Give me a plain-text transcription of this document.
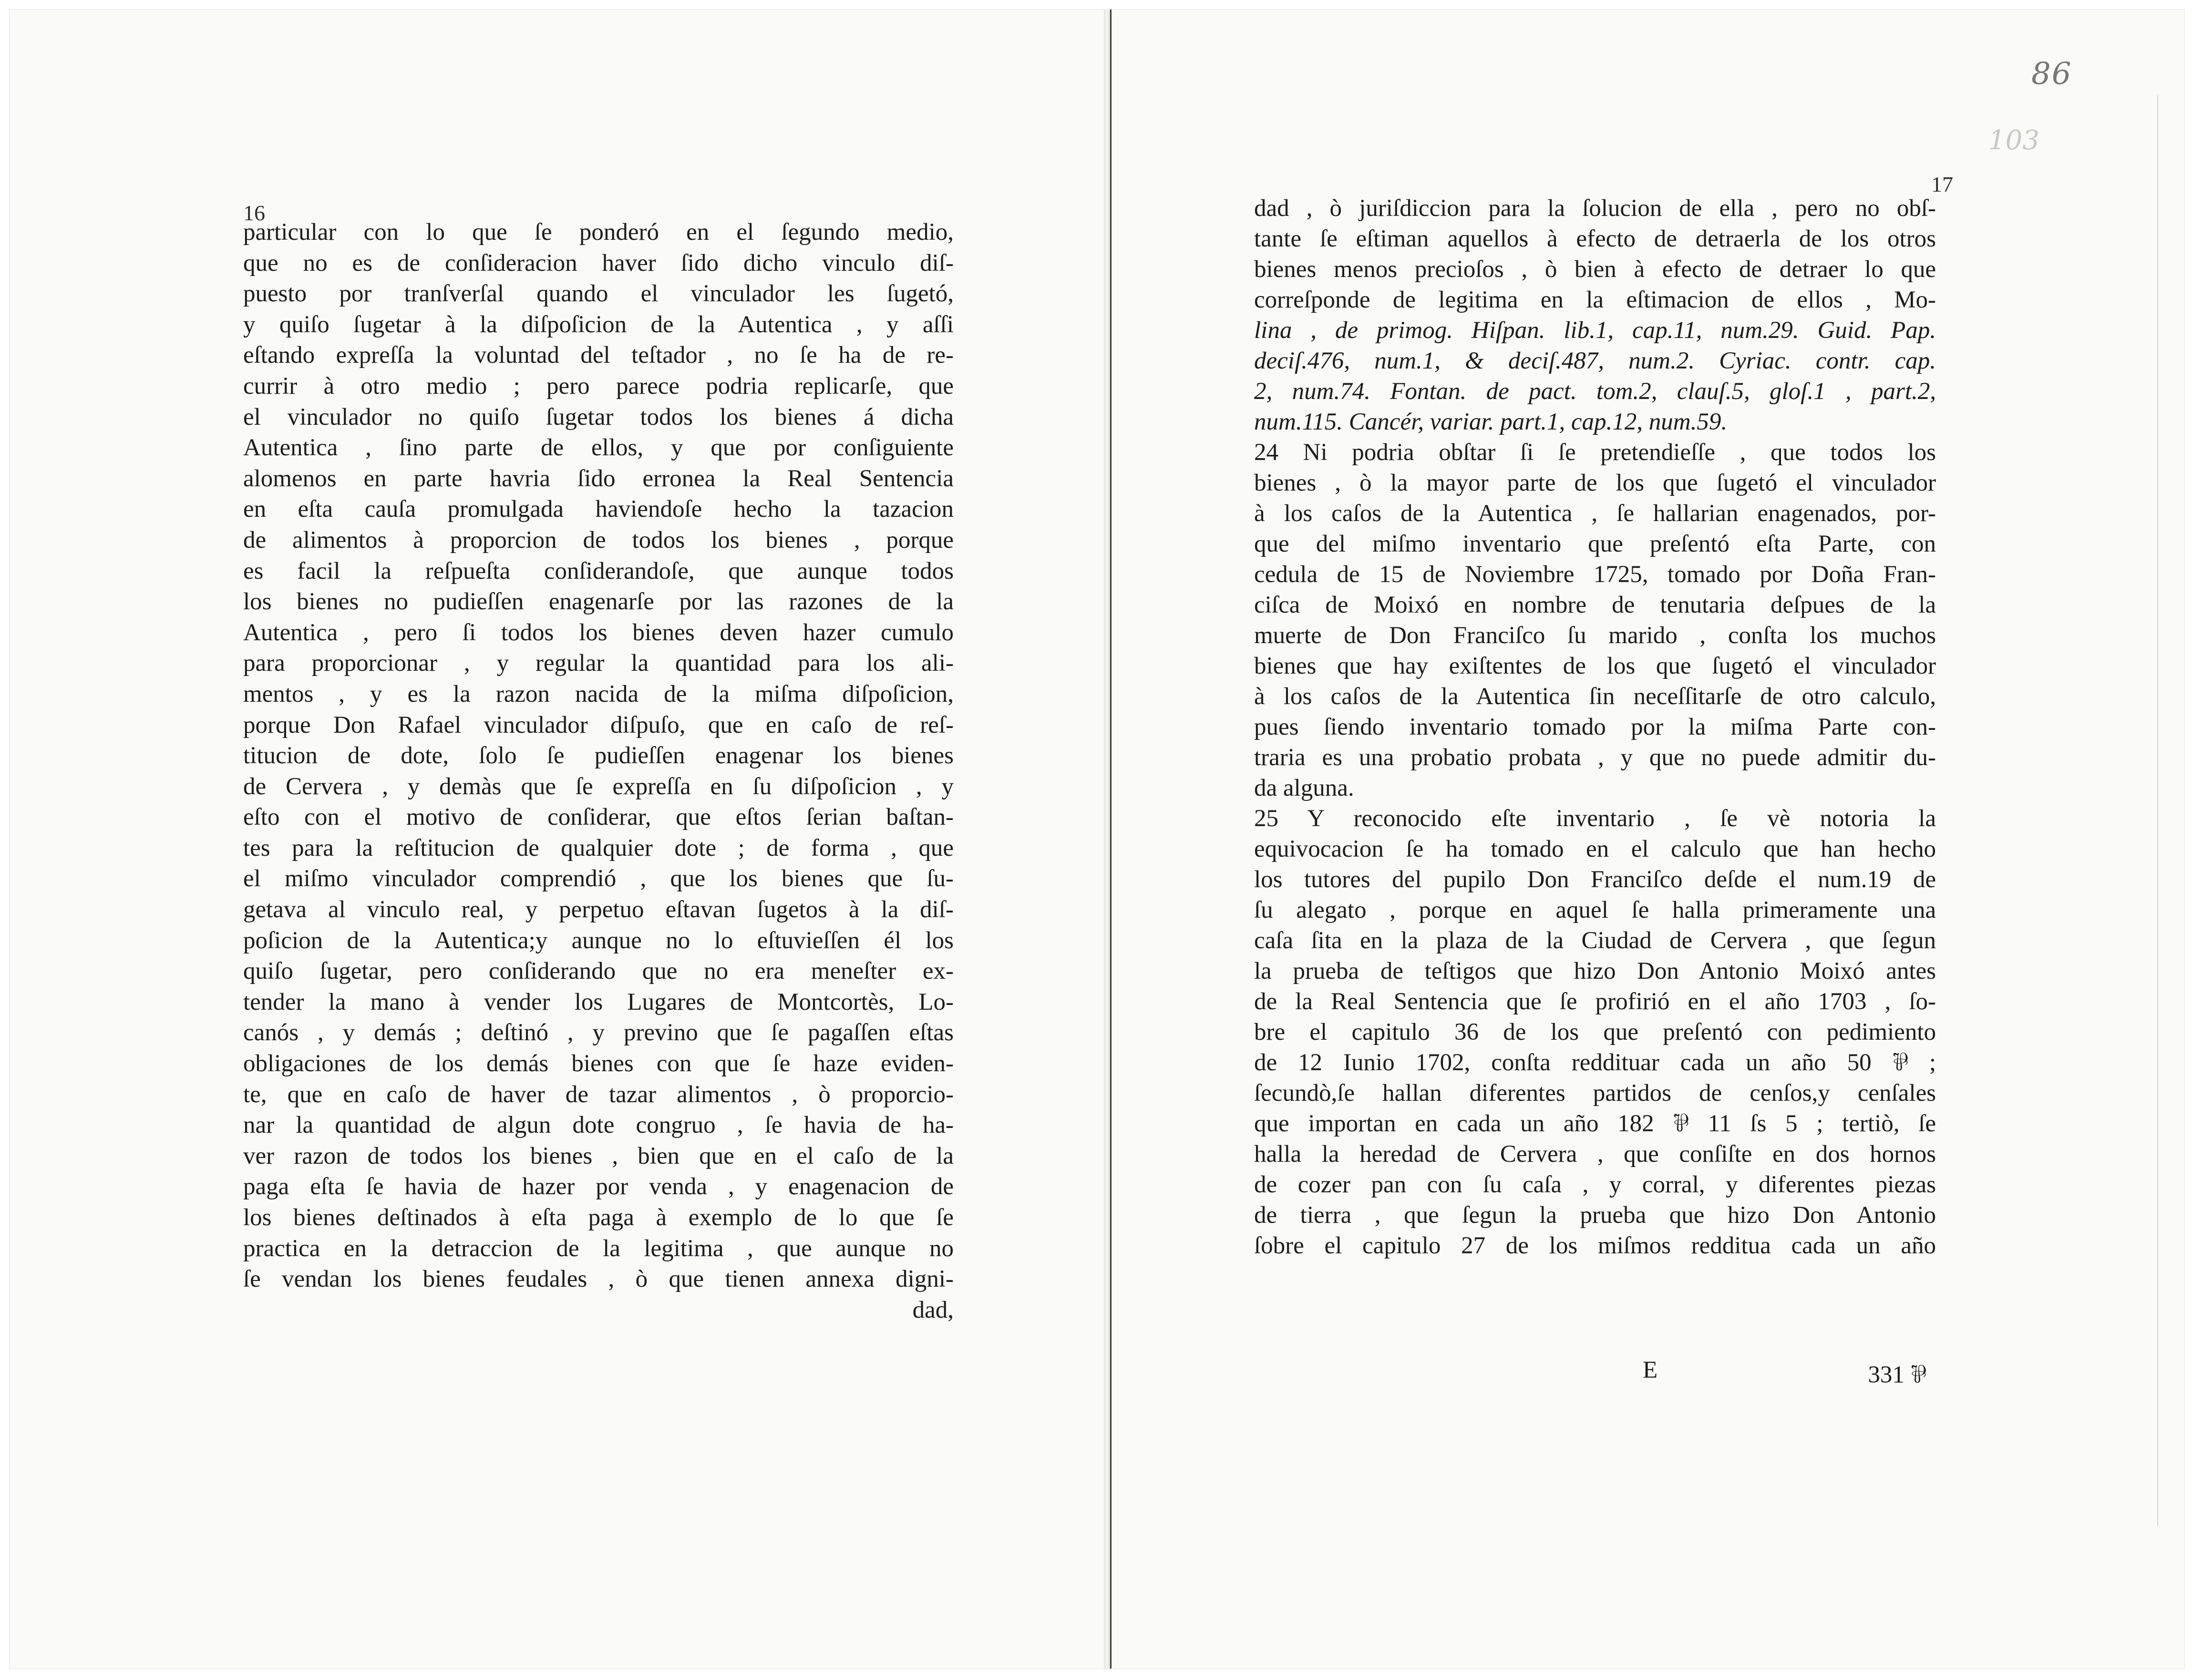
86
103
16
17
particular con lo que ſe ponderó en el ſegundo medio,
que no es de conſideracion haver ſido dicho vinculo diſ-
puesto por tranſverſal quando el vinculador les ſugetó,
y quiſo ſugetar à la diſpoſicion de la Autentica , y aſſi
eſtando expreſſa la voluntad del teſtador , no ſe ha de re-
currir à otro medio ; pero parece podria replicarſe, que
el vinculador no quiſo ſugetar todos los bienes á dicha
Autentica , ſino parte de ellos, y que por conſiguiente
alomenos en parte havria ſido erronea la Real Sentencia
en eſta cauſa promulgada haviendoſe hecho la tazacion
de alimentos à proporcion de todos los bienes , porque
es facil la reſpueſta conſiderandoſe, que aunque todos
los bienes no pudieſſen enagenarſe por las razones de la
Autentica , pero ſi todos los bienes deven hazer cumulo
para proporcionar , y regular la quantidad para los ali-
mentos , y es la razon nacida de la miſma diſpoſicion,
porque Don Rafael vinculador diſpuſo, que en caſo de reſ-
titucion de dote, ſolo ſe pudieſſen enagenar los bienes
de Cervera , y demàs que ſe expreſſa en ſu diſpoſicion , y
eſto con el motivo de conſiderar, que eſtos ſerian baſtan-
tes para la reſtitucion de qualquier dote ; de forma , que
el miſmo vinculador comprendió , que los bienes que ſu-
getava al vinculo real, y perpetuo eſtavan ſugetos à la diſ-
poſicion de la Autentica;y aunque no lo eſtuvieſſen él los
quiſo ſugetar, pero conſiderando que no era meneſter ex-
tender la mano à vender los Lugares de Montcortès, Lo-
canós , y demás ; deſtinó , y previno que ſe pagaſſen eſtas
obligaciones de los demás bienes con que ſe haze eviden-
te, que en caſo de haver de tazar alimentos , ò proporcio-
nar la quantidad de algun dote congruo , ſe havia de ha-
ver razon de todos los bienes , bien que en el caſo de la
paga eſta ſe havia de hazer por venda , y enagenacion de
los bienes deſtinados à eſta paga à exemplo de lo que ſe
practica en la detraccion de la legitima , que aunque no
ſe vendan los bienes feudales , ò que tienen annexa digni-
dad,
dad , ò juriſdiccion para la ſolucion de ella , pero no obſ-
tante ſe eſtiman aquellos à efecto de detraerla de los otros
bienes menos precioſos , ò bien à efecto de detraer lo que
correſponde de legitima en la eſtimacion de ellos , Mo-
lina , de primog. Hiſpan. lib.1, cap.11, num.29. Guid. Pap.
deciſ.476, num.1, & deciſ.487, num.2. Cyriac. contr. cap.
2, num.74. Fontan. de pact. tom.2, clauſ.5, gloſ.1 , part.2,
num.115. Cancér, variar. part.1, cap.12, num.59.
24 Ni podria obſtar ſi ſe pretendieſſe , que todos los
bienes , ò la mayor parte de los que ſugetó el vinculador
à los caſos de la Autentica , ſe hallarian enagenados, por-
que del miſmo inventario que preſentó eſta Parte, con
cedula de 15 de Noviembre 1725, tomado por Doña Fran-
ciſca de Moixó en nombre de tenutaria deſpues de la
muerte de Don Franciſco ſu marido , conſta los muchos
bienes que hay exiſtentes de los que ſugetó el vinculador
à los caſos de la Autentica ſin neceſſitarſe de otro calculo,
pues ſiendo inventario tomado por la miſma Parte con-
traria es una probatio probata , y que no puede admitir du-
da alguna.
25 Y reconocido eſte inventario , ſe vè notoria la
equivocacion ſe ha tomado en el calculo que han hecho
los tutores del pupilo Don Franciſco deſde el num.19 de
ſu alegato , porque en aquel ſe halla primeramente una
caſa ſita en la plaza de la Ciudad de Cervera , que ſegun
la prueba de teſtigos que hizo Don Antonio Moixó antes
de la Real Sentencia que ſe profirió en el año 1703 , ſo-
bre el capitulo 36 de los que preſentó con pedimiento
de 12 Iunio 1702, conſta reddituar cada un año 50 ⅌ ;
ſecundò,ſe hallan diferentes partidos de cenſos,y cenſales
que importan en cada un año 182 ⅌ 11 ſs 5 ; tertiò, ſe
halla la heredad de Cervera , que conſiſte en dos hornos
de cozer pan con ſu caſa , y corral, y diferentes piezas
de tierra , que ſegun la prueba que hizo Don Antonio
ſobre el capitulo 27 de los miſmos reddituа cada un año
E	331 ⅌
